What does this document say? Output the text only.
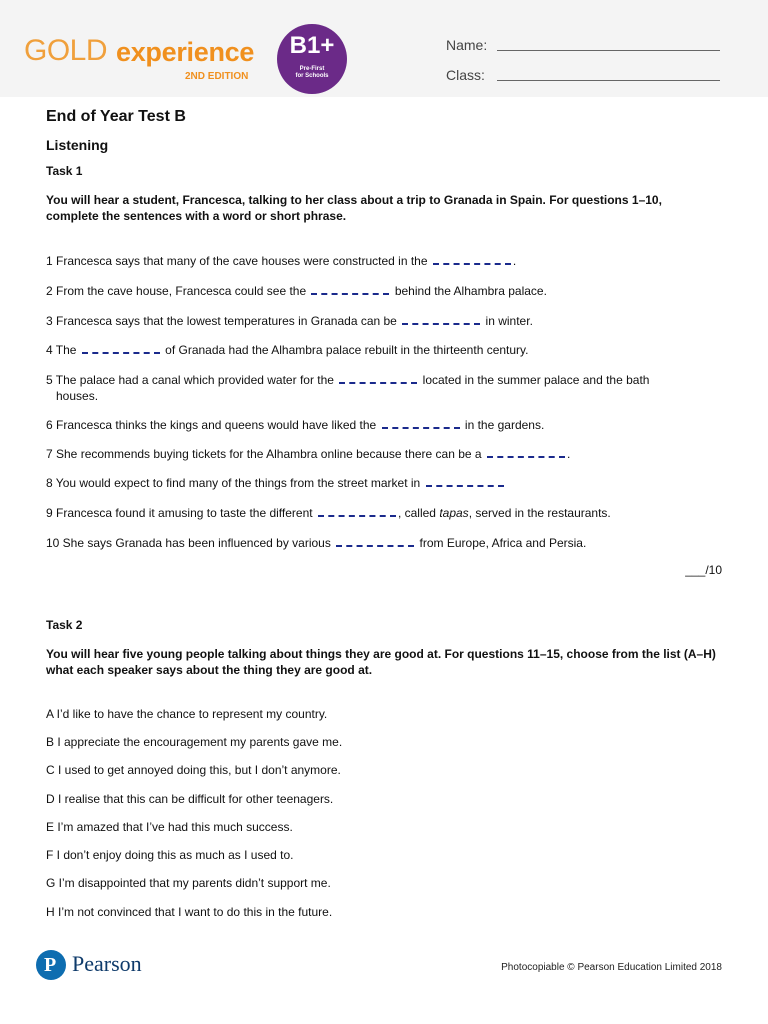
GOLD experience
2ND EDITION
B1+
Pre-First
for Schools
Name:
Class:
End of Year Test B
Listening
Task 1
You will hear a student, Francesca, talking to her class about a trip to Granada in Spain. For questions 1–10, complete the sentences with a word or short phrase.
1 Francesca says that many of the cave houses were constructed in the	.
2 From the cave house, Francesca could see the	behind the Alhambra palace.
3 Francesca says that the lowest temperatures in Granada can be	in winter.
4 The	of Granada had the Alhambra palace rebuilt in the thirteenth century.
5 The palace had a canal which provided water for the	located in the summer palace and the bath
houses.
6 Francesca thinks the kings and queens would have liked the	in the gardens.
7 She recommends buying tickets for the Alhambra online because there can be a	.
8 You would expect to find many of the things from the street market in
9 Francesca found it amusing to taste the different	, called tapas, served in the restaurants.
10 She says Granada has been influenced by various	from Europe, Africa and Persia.
___/10
Task 2
You will hear five young people talking about things they are good at. For questions 11–15, choose from the list (A–H) what each speaker says about the thing they are good at.
A I’d like to have the chance to represent my country.
B I appreciate the encouragement my parents gave me.
C I used to get annoyed doing this, but I don’t anymore.
D I realise that this can be difficult for other teenagers.
E I’m amazed that I’ve had this much success.
F I don’t enjoy doing this as much as I used to.
G I’m disappointed that my parents didn’t support me.
H I’m not convinced that I want to do this in the future.
P Pearson	Photocopiable © Pearson Education Limited 2018
